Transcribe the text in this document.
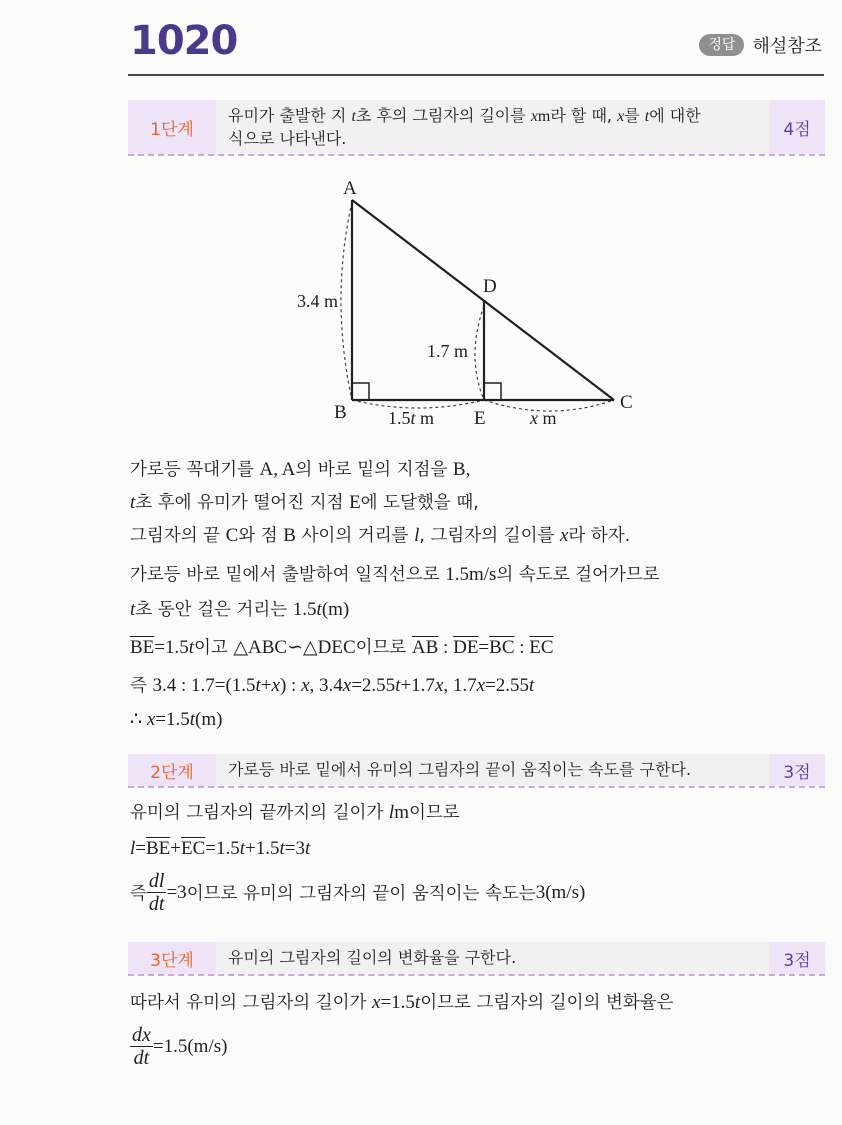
1020	정답 해설참조
1단계
유미가 출발한 지 t초 후의 그림자의 길이를 xm라 할 때, x를 t에 대한
식으로 나타낸다.	4점
A
B	C
D
E
3.4 m
1.7 m
1.5t m	x m
가로등 꼭대기를 A, A의 바로 밑의 지점을 B,
t초 후에 유미가 떨어진 지점 E에 도달했을 때,
그림자의 끝 C와 점 B 사이의 거리를 l, 그림자의 길이를 x라 하자.
가로등 바로 밑에서 출발하여 일직선으로 1.5m/s의 속도로 걸어가므로
t초 동안 걸은 거리는 1.5t(m)
$\overline{BE}=1.5t$이고 △ABC∽△DEC이므로 $\overline{AB}$ : $\overline{DE}=\overline{BC}$ : $\overline{EC}$
즉 3.4 : 1.7=(1.5t+x) : x, 3.4x=2.55t+1.7x, 1.7x=2.55t
∴ x=1.5t(m)
2단계	가로등 바로 밑에서 유미의 그림자의 끝이 움직이는 속도를 구한다.	3점
유미의 그림자의 끝까지의 길이가 lm이므로
$l=\overline{BE}+\overline{EC}=1.5t+1.5t=3t$
즉 $\frac{dl}{dt} =3$ 이므로 유미의 그림자의 끝이 움직이는 속도는 3(m/s)
3단계	유미의 그림자의 길이의 변화율을 구한다.	3점
따라서 유미의 그림자의 길이가 x=1.5t이므로 그림자의 길이의 변화율은
$\frac{dx}{dt} =1.5(m/s)$
